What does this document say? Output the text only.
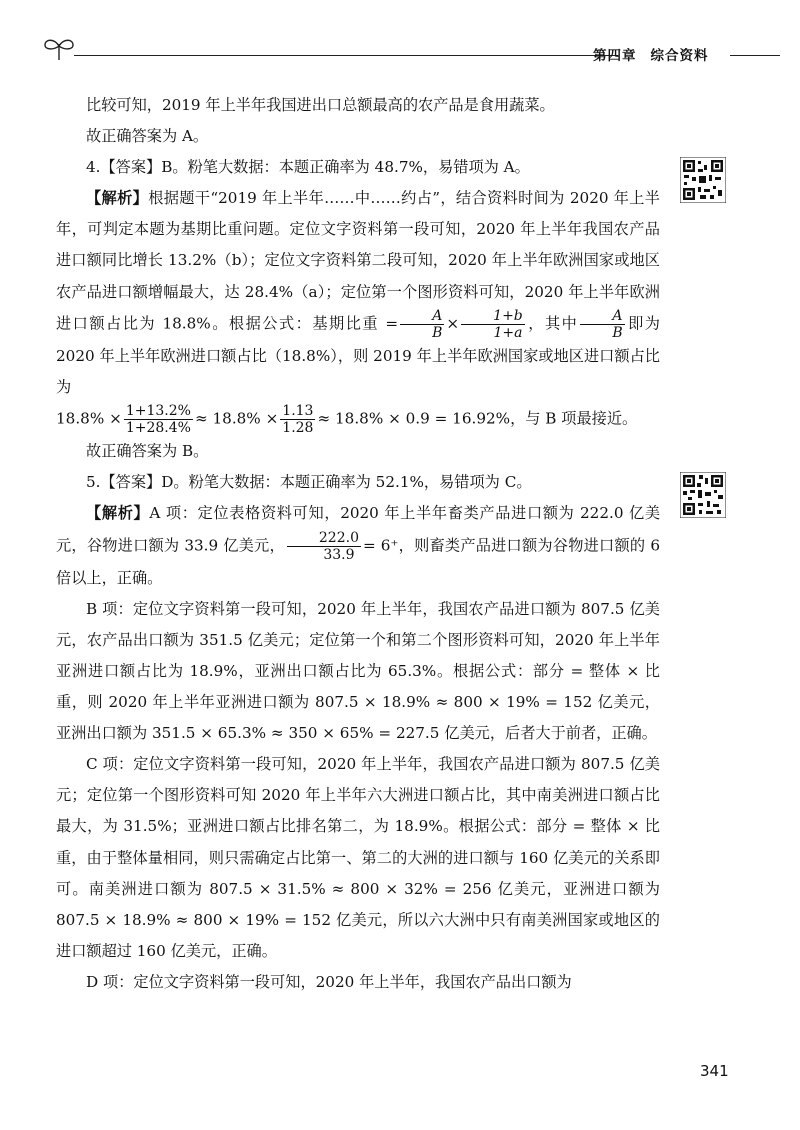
第四章 综合资料

比较可知，2019 年上半年我国进出口总额最高的农产品是食用蔬菜。

故正确答案为 A。

4.【答案】B。粉笔大数据：本题正确率为 48.7%，易错项为 A。

【解析】根据题干“2019 年上半年……中……约占”，结合资料时间为 2020 年上半年，可判定本题为基期比重问题。定位文字资料第一段可知，2020 年上半年我国农产品进口额同比增长 13.2%（b）；定位文字资料第二段可知，2020 年上半年欧洲国家或地区农产品进口额增幅最大，达 28.4%（a）；定位第一个图形资料可知，2020 年上半年欧洲进口额占比为 18.8%。根据公式：基期比重 = $\frac{A}{B} \times \frac{1+b}{1+a}$ ，其中 $\frac{A}{B}$ 即为 2020 年上半年欧洲进口额占比（18.8%），则 2019 年上半年欧洲国家或地区进口额占比为

$18.8\% \times \frac{1+13.2\%}{1+28.4\%} \approx 18.8\% \times \frac{1.13}{1.28} \approx 18.8\% \times 0.9 = 16.92\%$，与 B 项最接近。

故正确答案为 B。

5.【答案】D。粉笔大数据：本题正确率为 52.1%，易错项为 C。

【解析】A 项：定位表格资料可知，2020 年上半年畜类产品进口额为 222.0 亿美元，谷物进口额为 33.9 亿美元， $\frac{222.0}{33.9} = 6^+$，则畜类产品进口额为谷物进口额的 6 倍以上，正确。

B 项：定位文字资料第一段可知，2020 年上半年，我国农产品进口额为 807.5 亿美元，农产品出口额为 351.5 亿美元；定位第一个和第二个图形资料可知，2020 年上半年亚洲进口额占比为 18.9%，亚洲出口额占比为 65.3%。根据公式：部分 = 整体 × 比重，则 2020 年上半年亚洲进口额为 807.5 × 18.9% ≈ 800 × 19% = 152 亿美元，亚洲出口额为 351.5 × 65.3% ≈ 350 × 65% = 227.5 亿美元，后者大于前者，正确。

C 项：定位文字资料第一段可知，2020 年上半年，我国农产品进口额为 807.5 亿美元；定位第一个图形资料可知 2020 年上半年六大洲进口额占比，其中南美洲进口额占比最大，为 31.5%；亚洲进口额占比排名第二，为 18.9%。根据公式：部分 = 整体 × 比重，由于整体量相同，则只需确定占比第一、第二的大洲的进口额与 160 亿美元的关系即可。南美洲进口额为 807.5 × 31.5% ≈ 800 × 32% = 256 亿美元，亚洲进口额为 807.5 × 18.9% ≈ 800 × 19% = 152 亿美元，所以六大洲中只有南美洲国家或地区的进口额超过 160 亿美元，正确。

D 项：定位文字资料第一段可知，2020 年上半年，我国农产品出口额为

341
